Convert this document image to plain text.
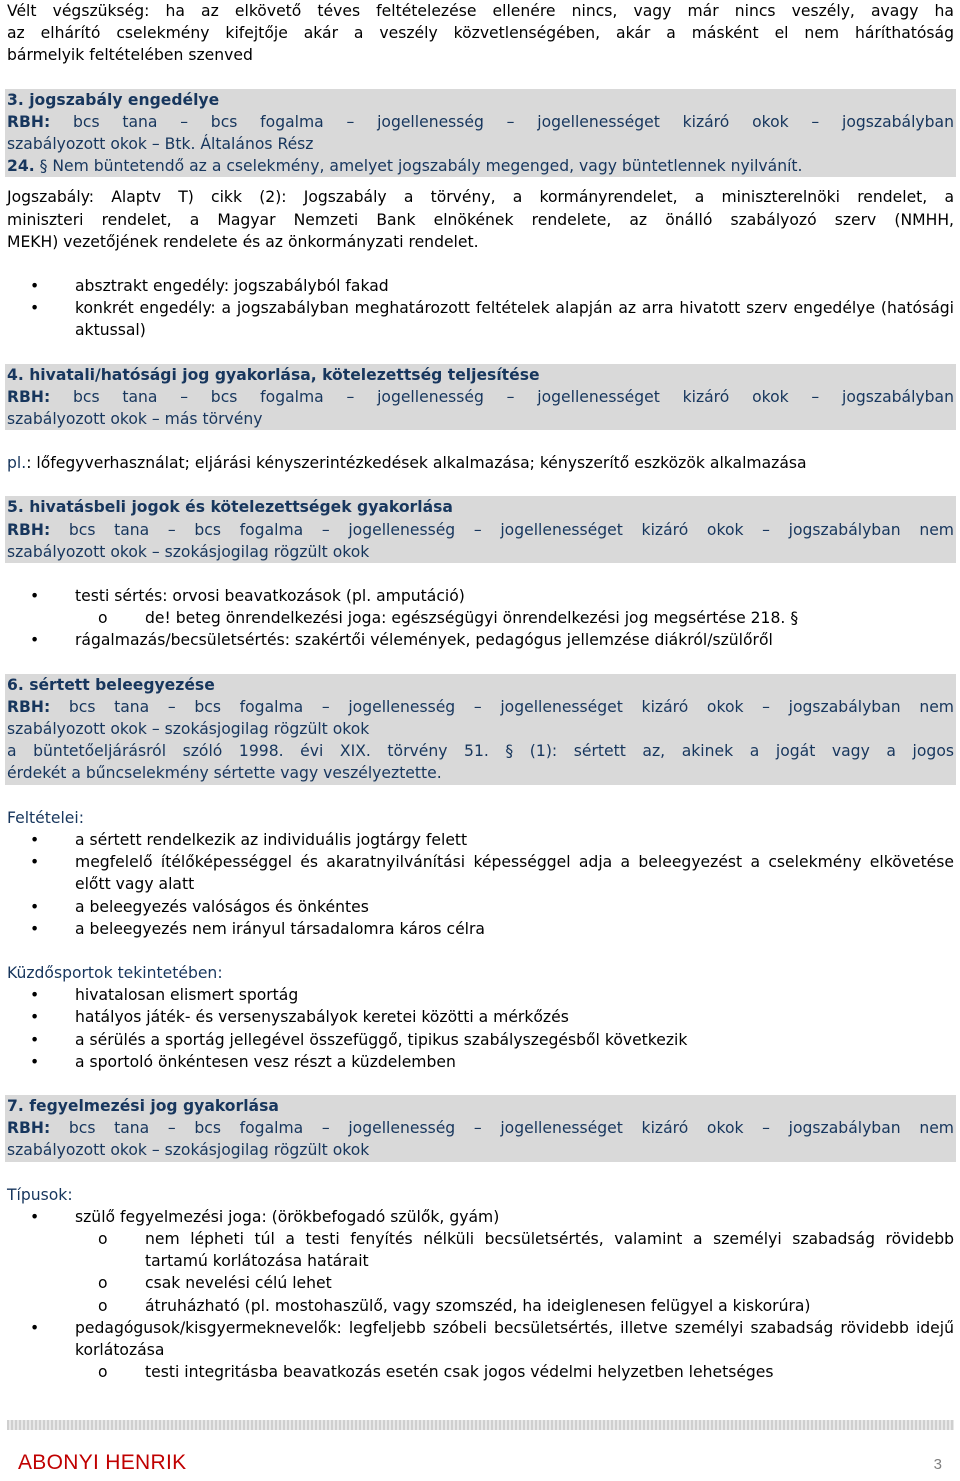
Vélt végszükség: ha az elkövető téves feltételezése ellenére nincs, vagy már nincs veszély, avagy ha

az elhárító cselekmény kifejtője akár a veszély közvetlenségében, akár a másként el nem háríthatóság

bármelyik feltételében szenved

3. jogszabály engedélye

RBH: bcs tana – bcs fogalma – jogellenesség – jogellenességet kizáró okok – jogszabályban

szabályozott okok – Btk. Általános Rész

24. § Nem büntetendő az a cselekmény, amelyet jogszabály megenged, vagy büntetlennek nyilvánít.

Jogszabály: Alaptv T) cikk (2): Jogszabály a törvény, a kormányrendelet, a miniszterelnöki rendelet, a

miniszteri rendelet, a Magyar Nemzeti Bank elnökének rendelete, az önálló szabályozó szerv (NMHH,

MEKH) vezetőjének rendelete és az önkormányzati rendelet.

• absztrakt engedély: jogszabályból fakad
• konkrét engedély: a jogszabályban meghatározott feltételek alapján az arra hivatott szerv engedélye (hatósági aktussal)

4. hivatali/hatósági jog gyakorlása, kötelezettség teljesítése

RBH: bcs tana – bcs fogalma – jogellenesség – jogellenességet kizáró okok – jogszabályban

szabályozott okok – más törvény

pl.: lőfegyverhasználat; eljárási kényszerintézkedések alkalmazása; kényszerítő eszközök alkalmazása

5. hivatásbeli jogok és kötelezettségek gyakorlása

RBH: bcs tana – bcs fogalma – jogellenesség – jogellenességet kizáró okok – jogszabályban nem

szabályozott okok – szokásjogilag rögzült okok

• testi sértés: orvosi beavatkozások (pl. amputáció)
o de! beteg önrendelkezési joga: egészségügyi önrendelkezési jog megsértése 218. §
• rágalmazás/becsületsértés: szakértői vélemények, pedagógus jellemzése diákról/szülőről

6. sértett beleegyezése

RBH: bcs tana – bcs fogalma – jogellenesség – jogellenességet kizáró okok – jogszabályban nem

szabályozott okok – szokásjogilag rögzült okok

a büntetőeljárásról szóló 1998. évi XIX. törvény 51. § (1): sértett az, akinek a jogát vagy a jogos

érdekét a bűncselekmény sértette vagy veszélyeztette.

Feltételei:

• a sértett rendelkezik az individuális jogtárgy felett
• megfelelő ítélőképességgel és akaratnyilvánítási képességgel adja a beleegyezést a cselekmény elkövetése előtt vagy alatt
• a beleegyezés valóságos és önkéntes
• a beleegyezés nem irányul társadalomra káros célra

Küzdősportok tekintetében:

• hivatalosan elismert sportág
• hatályos játék- és versenyszabályok keretei közötti a mérkőzés
• a sérülés a sportág jellegével összefüggő, tipikus szabályszegésből következik
• a sportoló önkéntesen vesz részt a küzdelemben

7. fegyelmezési jog gyakorlása

RBH: bcs tana – bcs fogalma – jogellenesség – jogellenességet kizáró okok – jogszabályban nem

szabályozott okok – szokásjogilag rögzült okok

Típusok:

• szülő fegyelmezési joga: (örökbefogadó szülők, gyám)
o nem lépheti túl a testi fenyítés nélküli becsületsértés, valamint a személyi szabadság rövidebb tartamú korlátozása határait
o csak nevelési célú lehet
o átruházható (pl. mostohaszülő, vagy szomszéd, ha ideiglenesen felügyel a kiskorúra)
• pedagógusok/kisgyermeknevelők: legfeljebb szóbeli becsületsértés, illetve személyi szabadság rövidebb idejű korlátozása
o testi integritásba beavatkozás esetén csak jogos védelmi helyzetben lehetséges
ABONYI HENRIK	3
